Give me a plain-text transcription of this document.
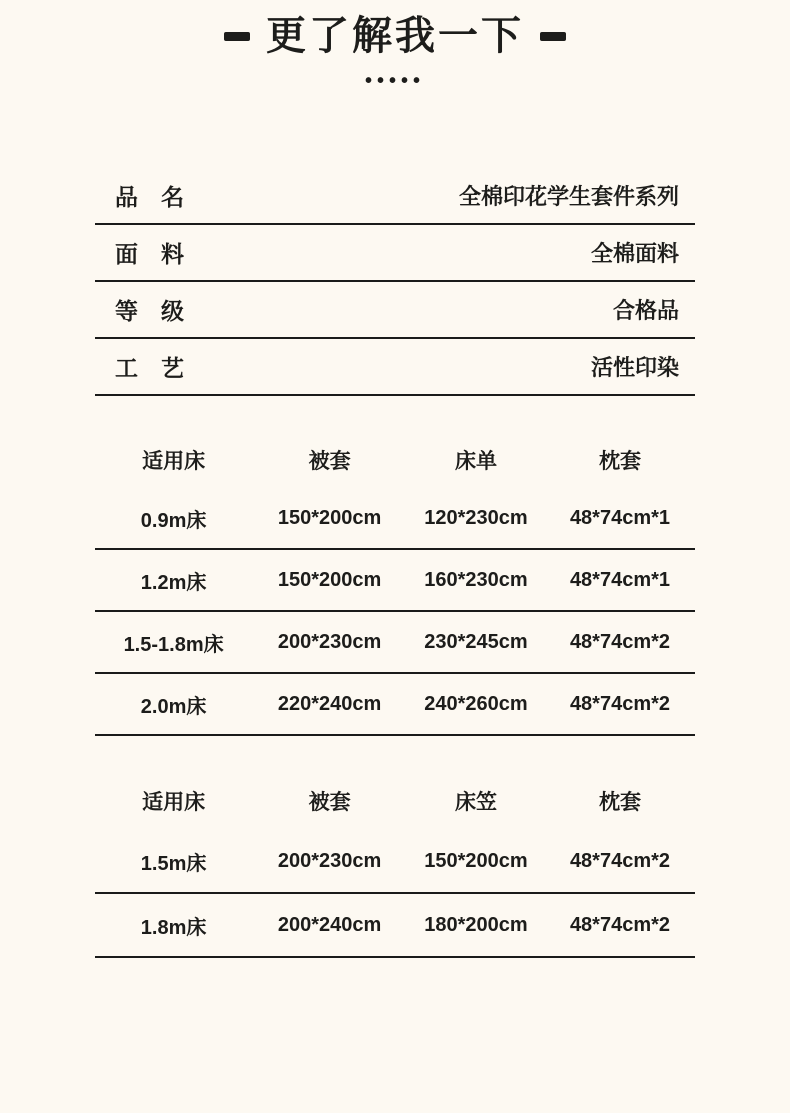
更了解我一下
•••••
品　名	全棉印花学生套件系列
面　料	全棉面料
等　级	合格品
工　艺	活性印染
适用床	被套	床单	枕套
0.9m床	150*200cm	120*230cm	48*74cm*1
1.2m床	150*200cm	160*230cm	48*74cm*1
1.5-1.8m床	200*230cm	230*245cm	48*74cm*2
2.0m床	220*240cm	240*260cm	48*74cm*2
适用床	被套	床笠	枕套
1.5m床	200*230cm	150*200cm	48*74cm*2
1.8m床	200*240cm	180*200cm	48*74cm*2
